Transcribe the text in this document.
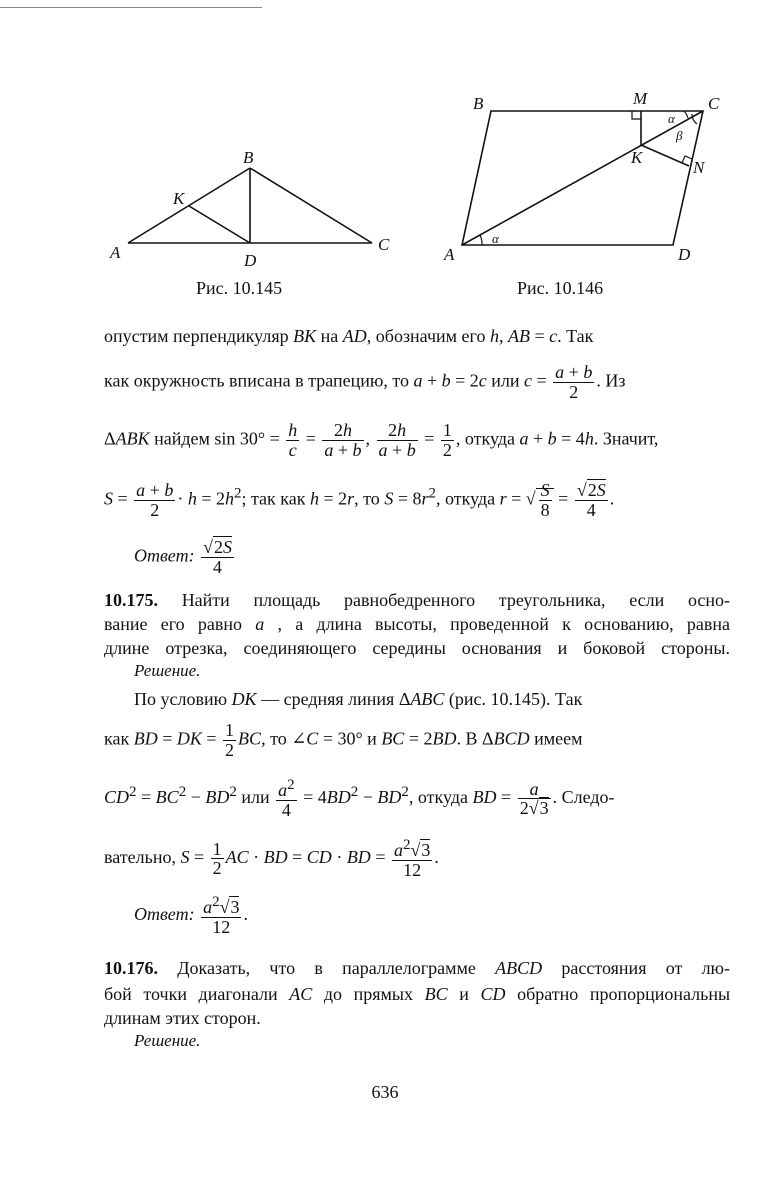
A
B
C
D
K
Рис. 10.145
B	M	C
K
N
A	D
α
β
α
Рис. 10.146
опустим перпендикуляр BK на AD, обозначим его h, AB = c. Так
как окружность вписана в трапецию, то a + b = 2c или $c = \frac{a + b}{2}$ . Из
ΔABK найдем $\sin 30^\circ = \frac{h}{c} = \frac{2h}{a + b}$ , $\frac{2h}{a + b} = \frac{1}{2}$ , откуда a + b = 4h. Значит,
$S = \frac{a + b}{2} \cdot h = 2h^2$; так как h = 2r, то $S = 8r^2$, откуда r = √ $\frac{S}{8} = \frac{√2S}{4}$ .
Ответ: $\frac{√2S}{4}$
10.175. Найти площадь равнобедренного треугольника, если осно-
вание его равно a , а длина высоты, проведенной к основанию, равна
длине отрезка, соединяющего середины основания и боковой стороны.
Решение.
По условию DK — средняя линия ΔABC (рис. 10.145). Так
как BD = DK = $\frac{1}{2}$ BC, то ∠C = 30° и BC = 2BD. В ΔBCD имеем
$CD^2 = BC^2 - BD^2$ или $\frac{a^2}{4} = 4BD^2 - BD^2$, откуда BD = $\frac{a}{2√3}$ . Следо-
вательно, $S = \frac{1}{2}$ AC · BD = CD · BD = $\frac{a^2√3}{12}$ .
Ответ: $\frac{a^2√3}{12}$ .
10.176. Доказать, что в параллелограмме ABCD расстояния от лю-
бой точки диагонали AC до прямых BC и CD обратно пропорциональны
длинам этих сторон.
Решение.
636
